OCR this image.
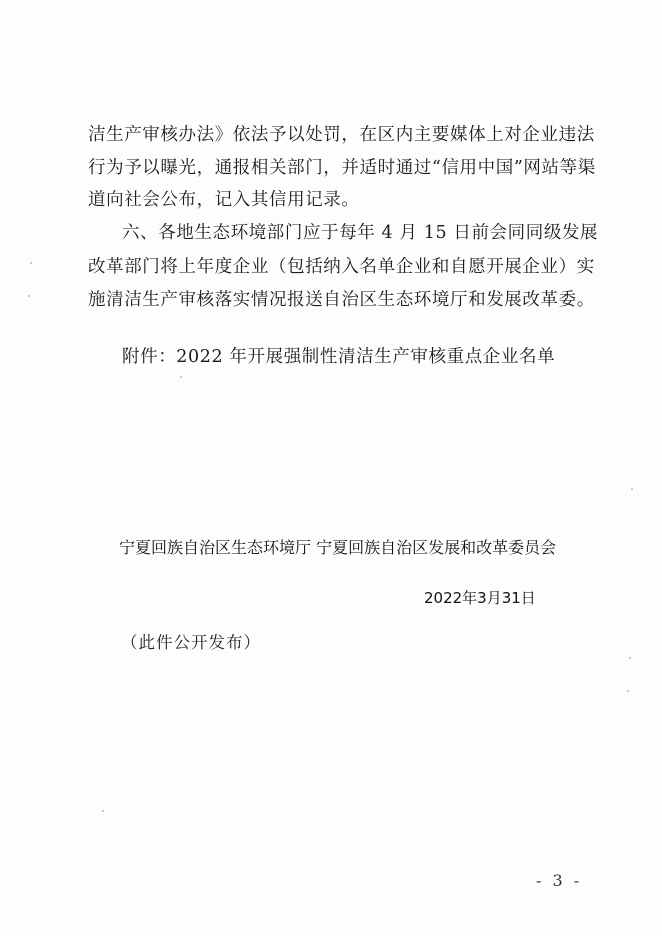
洁生产审核办法》依法予以处罚，在区内主要媒体上对企业违法
行为予以曝光，通报相关部门，并适时通过“信用中国”网站等渠
道向社会公布，记入其信用记录。
六、各地生态环境部门应于每年 4 月 15 日前会同同级发展
改革部门将上年度企业（包括纳入名单企业和自愿开展企业）实
施清洁生产审核落实情况报送自治区生态环境厅和发展改革委。
附件：2022 年开展强制性清洁生产审核重点企业名单
宁夏回族自治区生态环境厅 宁夏回族自治区发展和改革委员会
2022年3月31日
（此件公开发布）
- 3 -
